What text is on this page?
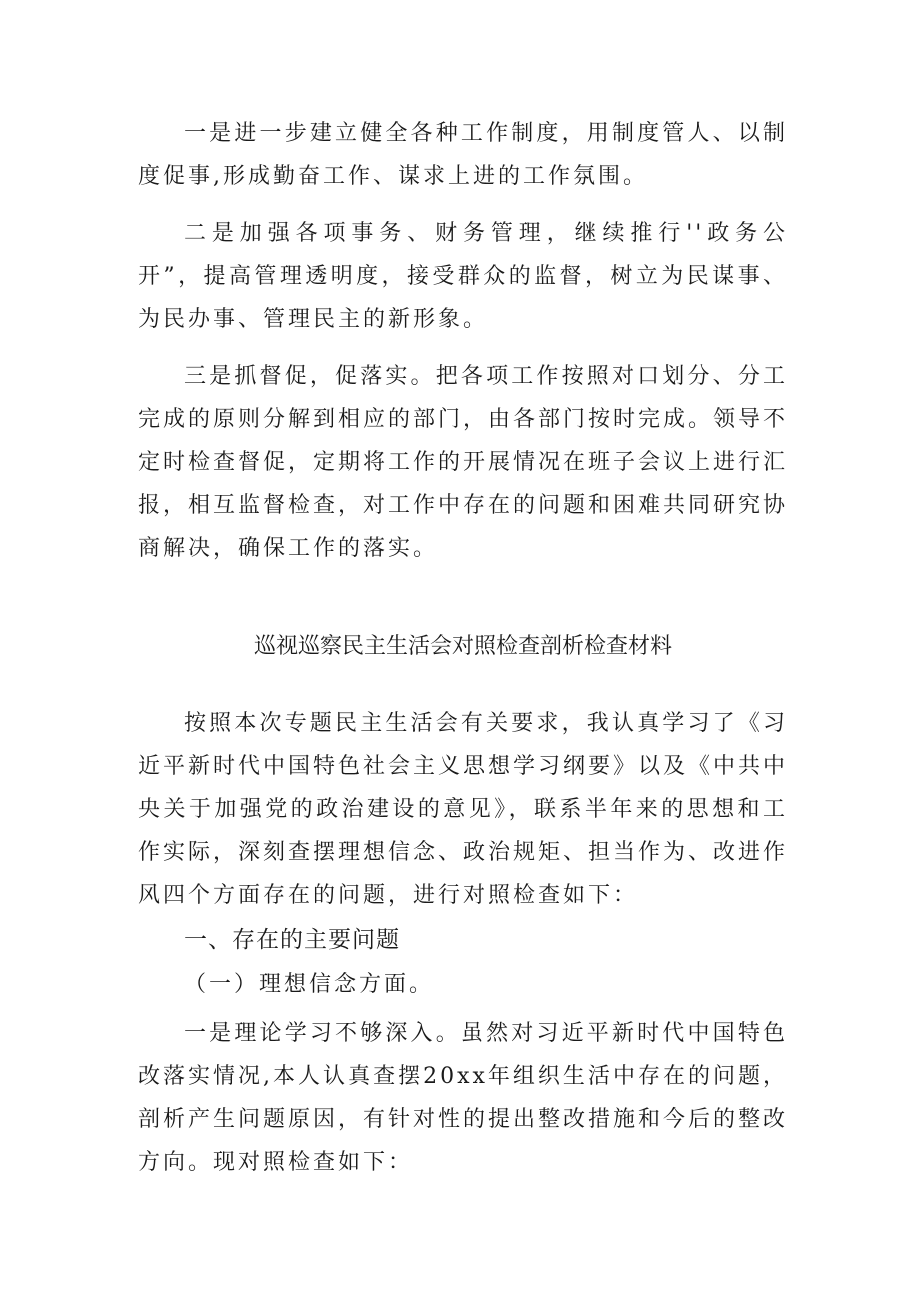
一是进一步建立健全各种工作制度，用制度管人、以制度促事,形成勤奋工作、谋求上进的工作氛围。

二是加强各项事务、财务管理，继续推行''政务公开”，提高管理透明度，接受群众的监督，树立为民谋事、为民办事、管理民主的新形象。

三是抓督促，促落实。把各项工作按照对口划分、分工完成的原则分解到相应的部门，由各部门按时完成。领导不定时检查督促，定期将工作的开展情况在班子会议上进行汇报，相互监督检查，对工作中存在的问题和困难共同研究协商解决，确保工作的落实。

巡视巡察民主生活会对照检查剖析检查材料

按照本次专题民主生活会有关要求，我认真学习了《习近平新时代中国特色社会主义思想学习纲要》以及《中共中央关于加强党的政治建设的意见》，联系半年来的思想和工作实际，深刻查摆理想信念、政治规矩、担当作为、改进作风四个方面存在的问题，进行对照检查如下：

一、存在的主要问题

（一）理想信念方面。

一是理论学习不够深入。虽然对习近平新时代中国特色改落实情况,本人认真查摆20xx年组织生活中存在的问题，剖析产生问题原因，有针对性的提出整改措施和今后的整改方向。现对照检查如下：
